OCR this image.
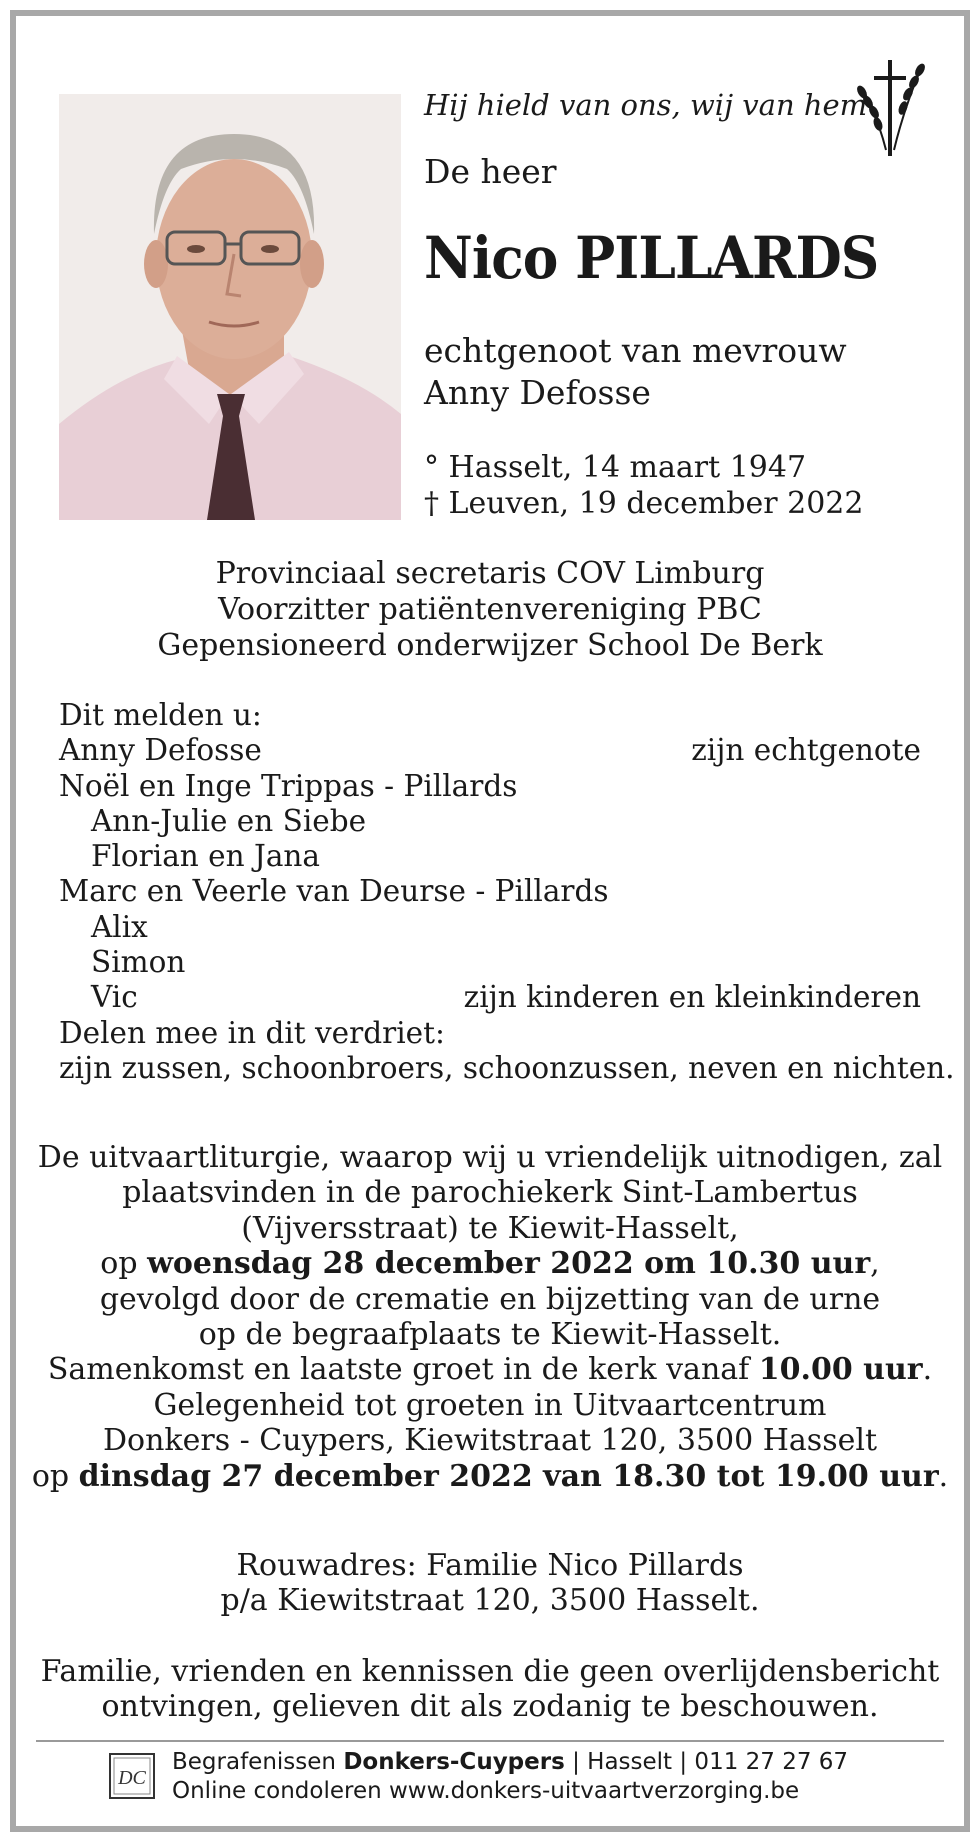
Hij hield van ons, wij van hem
De heer
Nico PILLARDS
echtgenoot van mevrouw
Anny Defosse
° Hasselt, 14 maart 1947
† Leuven, 19 december 2022
Provinciaal secretaris COV Limburg
Voorzitter patiëntenvereniging PBC
Gepensioneerd onderwijzer School De Berk
Dit melden u:
Anny Defosse	zijn echtgenote
Noël en Inge Trippas - Pillards
Ann-Julie en Siebe
Florian en Jana
Marc en Veerle van Deurse - Pillards
Alix
Simon
Vic	zijn kinderen en kleinkinderen
Delen mee in dit verdriet:
zijn zussen, schoonbroers, schoonzussen, neven en nichten.
De uitvaartliturgie, waarop wij u vriendelijk uitnodigen, zal
plaatsvinden in de parochiekerk Sint-Lambertus
(Vijversstraat) te Kiewit-Hasselt,
op woensdag 28 december 2022 om 10.30 uur,
gevolgd door de crematie en bijzetting van de urne
op de begraafplaats te Kiewit-Hasselt.
Samenkomst en laatste groet in de kerk vanaf 10.00 uur.
Gelegenheid tot groeten in Uitvaartcentrum
Donkers - Cuypers, Kiewitstraat 120, 3500 Hasselt
op dinsdag 27 december 2022 van 18.30 tot 19.00 uur.
Rouwadres: Familie Nico Pillards
p/a Kiewitstraat 120, 3500 Hasselt.
Familie, vrienden en kennissen die geen overlijdensbericht
ontvingen, gelieven dit als zodanig te beschouwen.
DC
Begrafenissen Donkers-Cuypers | Hasselt | 011 27 27 67
Online condoleren www.donkers-uitvaartverzorging.be
